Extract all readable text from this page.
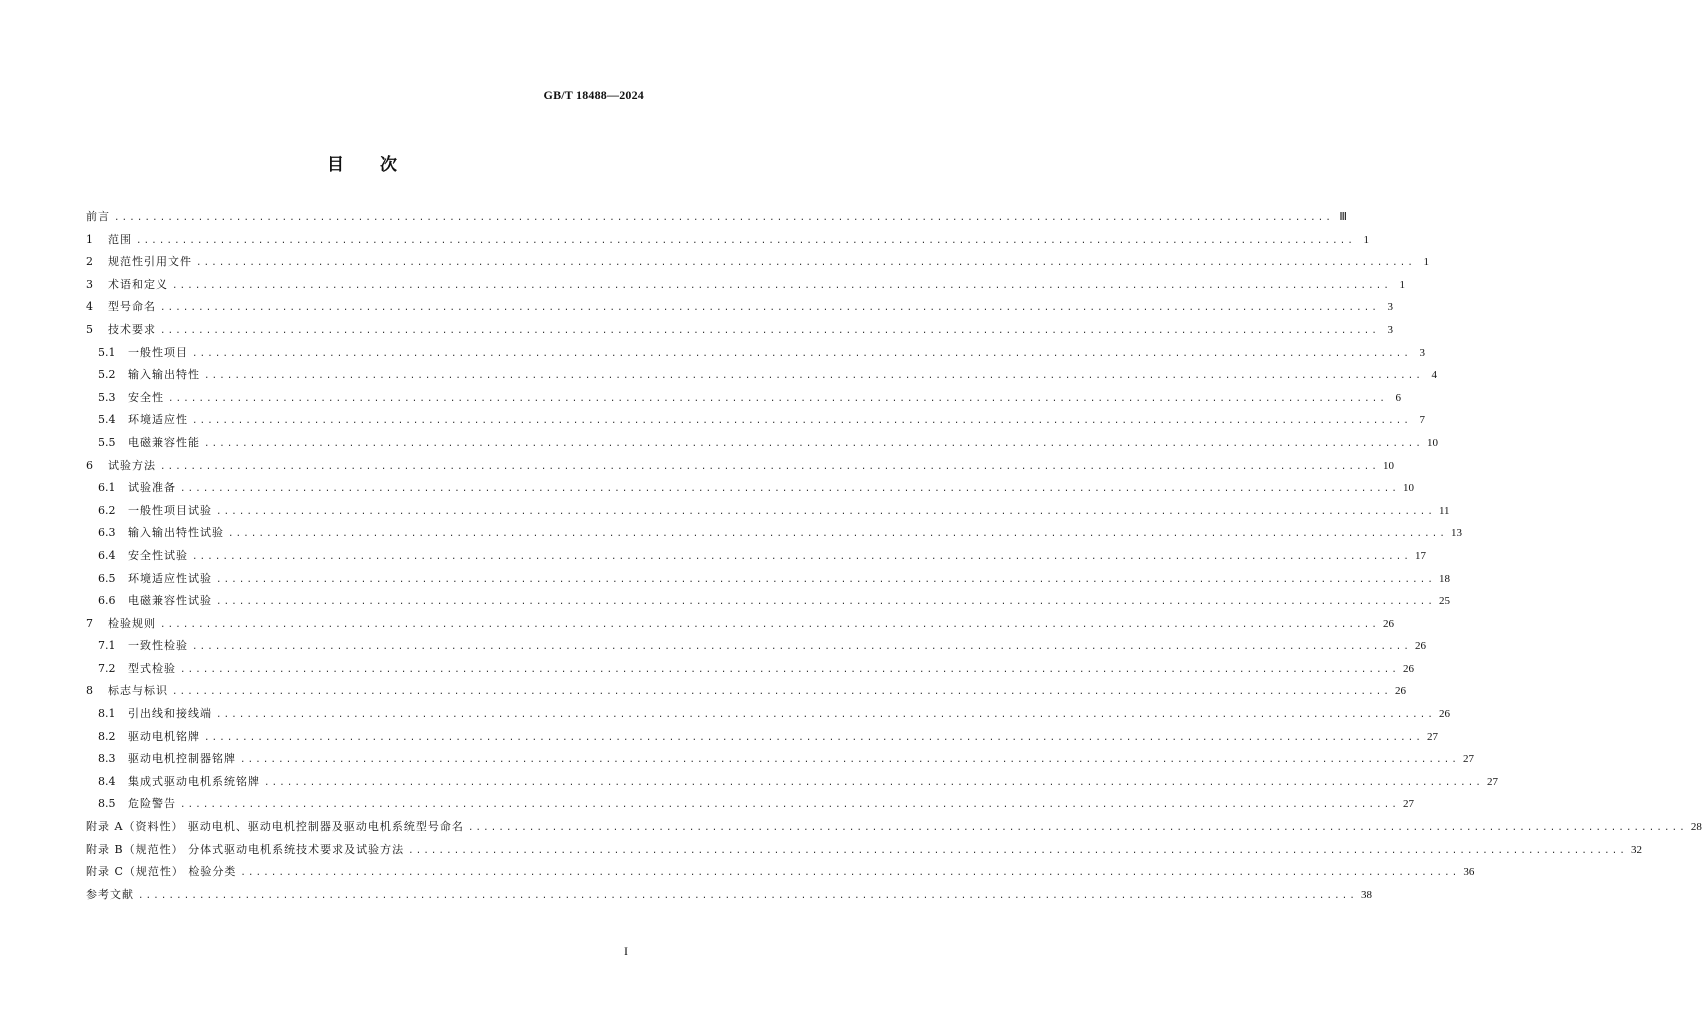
GB/T 18488—2024
目 次
前言 ................................................................................................................................................................ Ⅲ
1	范围 ................................................................................................................................................................ 1
2	规范性引用文件 ................................................................................................................................................................ 1
3	术语和定义 ................................................................................................................................................................ 1
4	型号命名 ................................................................................................................................................................ 3
5	技术要求 ................................................................................................................................................................ 3
5.1	一般性项目 ................................................................................................................................................................ 3
5.2	输入输出特性 ................................................................................................................................................................ 4
5.3	安全性 ................................................................................................................................................................ 6
5.4	环境适应性 ................................................................................................................................................................ 7
5.5	电磁兼容性能 ................................................................................................................................................................ 10
6	试验方法 ................................................................................................................................................................ 10
6.1	试验准备 ................................................................................................................................................................ 10
6.2	一般性项目试验 ................................................................................................................................................................ 11
6.3	输入输出特性试验 ................................................................................................................................................................ 13
6.4	安全性试验 ................................................................................................................................................................ 17
6.5	环境适应性试验 ................................................................................................................................................................ 18
6.6	电磁兼容性试验 ................................................................................................................................................................ 25
7	检验规则 ................................................................................................................................................................ 26
7.1	一致性检验 ................................................................................................................................................................ 26
7.2	型式检验 ................................................................................................................................................................ 26
8	标志与标识 ................................................................................................................................................................ 26
8.1	引出线和接线端 ................................................................................................................................................................ 26
8.2	驱动电机铭牌 ................................................................................................................................................................ 27
8.3	驱动电机控制器铭牌 ................................................................................................................................................................ 27
8.4	集成式驱动电机系统铭牌 ................................................................................................................................................................ 27
8.5	危险警告 ................................................................................................................................................................ 27
附录 A（资料性） 驱动电机、驱动电机控制器及驱动电机系统型号命名 ................................................................................................................................................................ 28
附录 B（规范性） 分体式驱动电机系统技术要求及试验方法 ................................................................................................................................................................ 32
附录 C（规范性） 检验分类 ................................................................................................................................................................ 36
参考文献 ................................................................................................................................................................ 38
I
